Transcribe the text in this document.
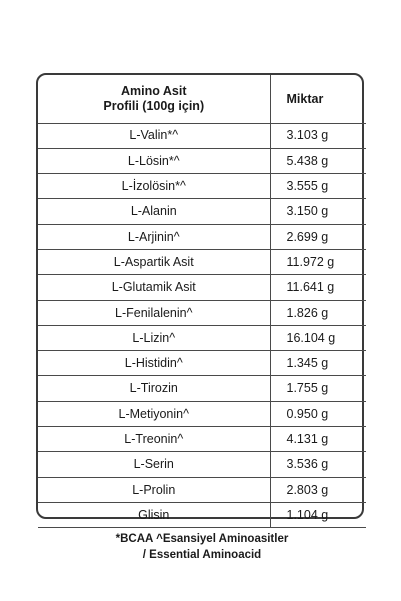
Amino Asit
Profili (100g için)	Miktar
L-Valin*^	3.103 g
L-Lösin*^	5.438 g
L-İzolösin*^	3.555 g
L-Alanin	3.150 g
L-Arjinin^	2.699 g
L-Aspartik Asit	11.972 g
L-Glutamik Asit	11.641 g
L-Fenilalenin^	1.826 g
L-Lizin^	16.104 g
L-Histidin^	1.345 g
L-Tirozin	1.755 g
L-Metiyonin^	0.950 g
L-Treonin^	4.131 g
L-Serin	3.536 g
L-Prolin	2.803 g
Glisin	1.104 g

*BCAA ^Esansiyel Aminoasitler
/ Essential Aminoacid	
